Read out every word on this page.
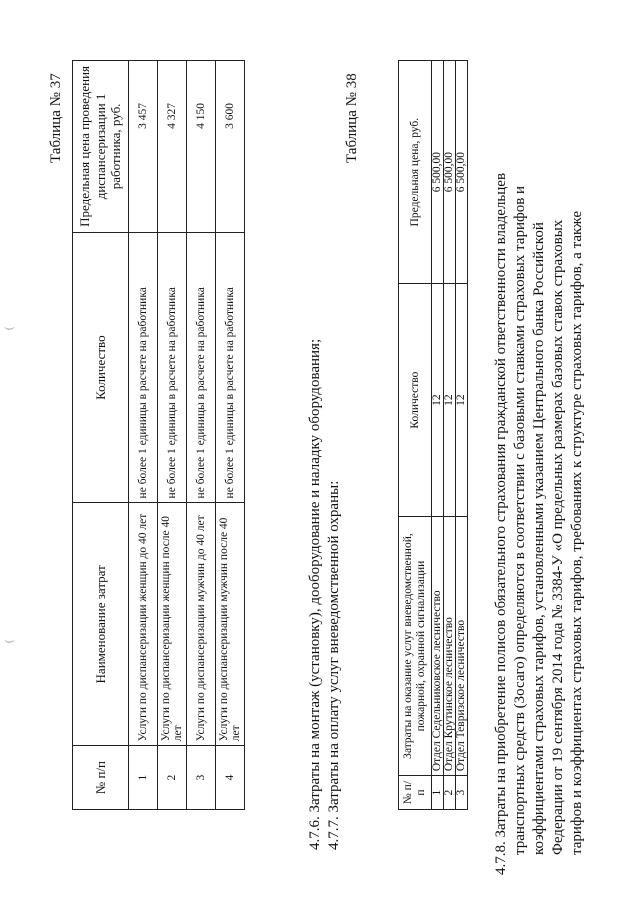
(
(
Таблица № 37
№ п/п	Наименование затрат	Количество	Предельная цена проведения диспансеризации 1 работника, руб.
1	Услуги по диспансеризации женщин до 40 лет	не более 1 единицы в расчете на работника	3 457
2	Услуги по диспансеризации женщин после 40 лет	не более 1 единицы в расчете на работника	4 327
3	Услуги по диспансеризации мужчин до 40 лет	не более 1 единицы в расчете на работника	4 150
4	Услуги по диспансеризации мужчин после 40 лет	не более 1 единицы в расчете на работника	3 600
4.7.6. Затраты на монтаж (установку), дооборудование и наладку оборудования; 4.7.7. Затраты на оплату услуг вневедомственной охраны:
Таблица № 38
№ п/п	Затраты на оказание услуг вневедомственной, пожарной, охранной сигнализации	Количество	Предельная цена, руб.
1	Отдел Седельниковское лесничество	12	6 500,00
2	Отдел Крутинское лесничество	12	6 500,00
3	Отдел Тевризское лесничество	12	6 500,00
4.7.8. Затраты на приобретение полисов обязательного страхования гражданской ответственности владельцев транспортных средств (Зосаго) определяются в соответствии с базовыми ставками страховых тарифов и коэффициентами страховых тарифов, установленными указанием Центрального банка Российской Федерации от 19 сентября 2014 года № 3384-У «О предельных размерах базовых ставок страховых тарифов и коэффициентах страховых тарифов, требованиях к структуре страховых тарифов, а также
